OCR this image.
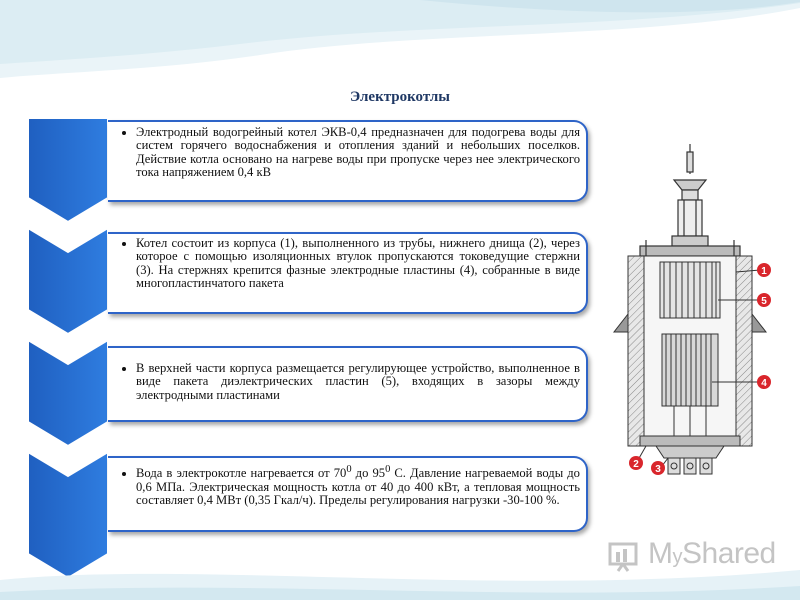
Электрокотлы
• Электродный водогрейный котел ЭКВ-0,4 предназначен для подогрева воды для систем горячего водоснабжения и отопления зданий и небольших поселков. Действие котла основано на нагреве воды при пропуске через нее электрического тока напряжением 0,4 кВ
• Котел состоит из корпуса (1), выполненного из трубы, нижнего днища (2), через которое с помощью изоляционных втулок пропускаются токоведущие стержни (3). На стержнях крепится фазные электродные пластины (4), собранные в виде многопластинчатого пакета
• В верхней части корпуса размещается регулирующее устройство, выполненное в виде пакета диэлектрических пластин (5), входящих в зазоры между электродными пластинами
• Вода в электрокотле нагревается от $70^0$ до $95^0$ С. Давление нагреваемой воды до 0,6 МПа. Электрическая мощность котла от 40 до 400 кВт, а тепловая мощность составляет 0,4 МВт (0,35 Гкал/ч). Пределы регулирования нагрузки -30-100 %.
1
5
4
2 3
MyShared
